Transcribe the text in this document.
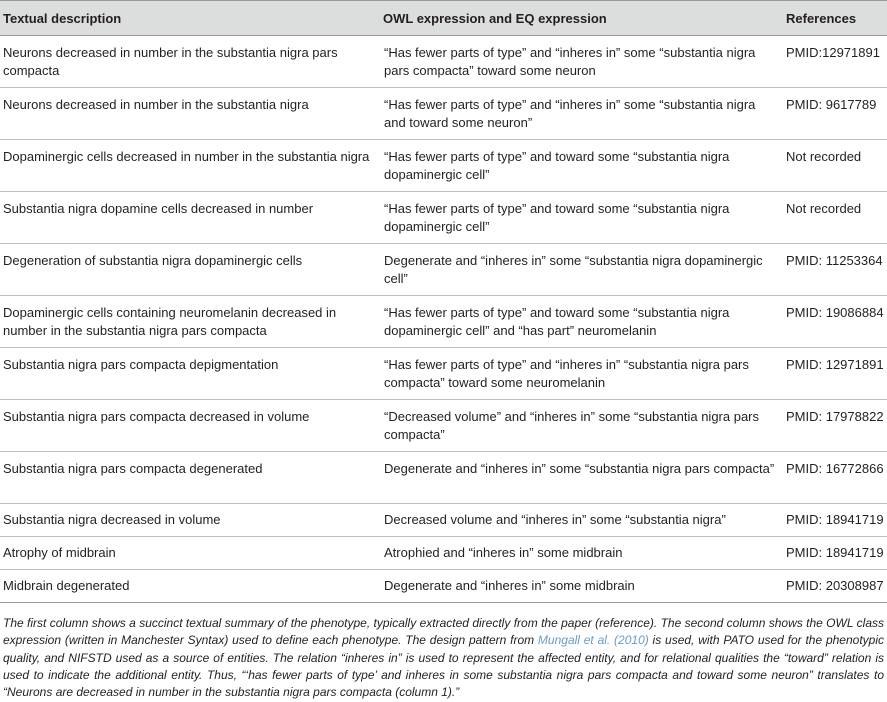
Textual description	OWL expression and EQ expression	References
Neurons decreased in number in the substantia nigra pars compacta	“Has fewer parts of type” and “inheres in” some “substantia nigra pars compacta” toward some neuron	PMID:12971891
Neurons decreased in number in the substantia nigra	“Has fewer parts of type” and “inheres in” some “substantia nigra and toward some neuron”	PMID: 9617789
Dopaminergic cells decreased in number in the substantia nigra	“Has fewer parts of type” and toward some “substantia nigra dopaminergic cell”	Not recorded
Substantia nigra dopamine cells decreased in number	“Has fewer parts of type” and toward some “substantia nigra dopaminergic cell”	Not recorded
Degeneration of substantia nigra dopaminergic cells	Degenerate and “inheres in” some “substantia nigra dopaminergic cell”	PMID: 11253364
Dopaminergic cells containing neuromelanin decreased in number in the substantia nigra pars compacta	“Has fewer parts of type” and toward some “substantia nigra dopaminergic cell” and “has part” neuromelanin	PMID: 19086884
Substantia nigra pars compacta depigmentation	“Has fewer parts of type” and “inheres in” “substantia nigra pars compacta” toward some neuromelanin	PMID: 12971891
Substantia nigra pars compacta decreased in volume	“Decreased volume” and “inheres in” some “substantia nigra pars compacta”	PMID: 17978822
Substantia nigra pars compacta degenerated	Degenerate and “inheres in” some “substantia nigra pars compacta”	PMID: 16772866
Substantia nigra decreased in volume	Decreased volume and “inheres in” some “substantia nigra”	PMID: 18941719
Atrophy of midbrain	Atrophied and “inheres in” some midbrain	PMID: 18941719
Midbrain degenerated	Degenerate and “inheres in” some midbrain	PMID: 20308987

The first column shows a succinct textual summary of the phenotype, typically extracted directly from the paper (reference). The second column shows the OWL class expression (written in Manchester Syntax) used to define each phenotype. The design pattern from Mungall et al. (2010) is used, with PATO used for the phenotypic quality, and NIFSTD used as a source of entities. The relation “inheres in” is used to represent the affected entity, and for relational qualities the “toward” relation is used to indicate the additional entity. Thus, “‘has fewer parts of type’ and inheres in some substantia nigra pars compacta and toward some neuron” translates to “Neurons are decreased in number in the substantia nigra pars compacta (column 1).”
